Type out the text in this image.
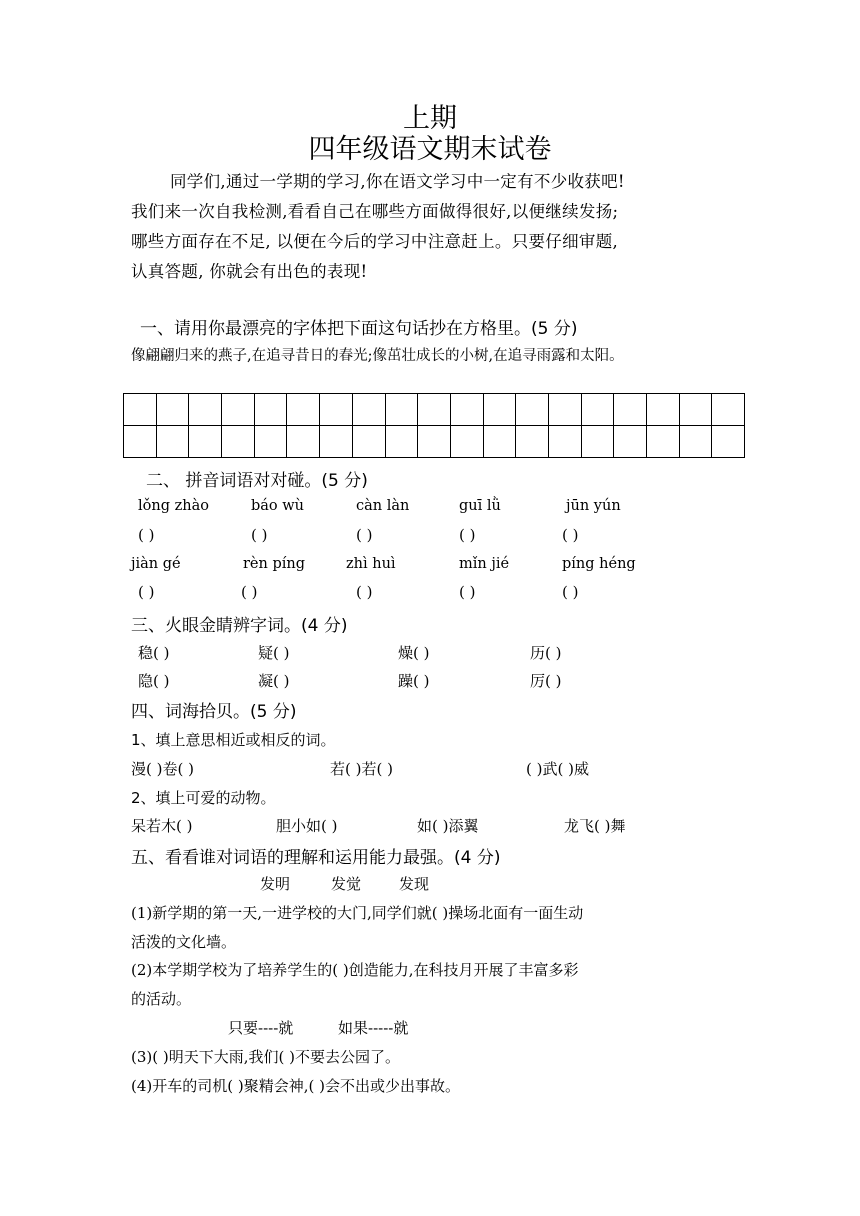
上期
四年级语文期末试卷
同学们,通过一学期的学习,你在语文学习中一定有不少收获吧!
我们来一次自我检测,看看自己在哪些方面做得很好,以便继续发扬;
哪些方面存在不足, 以便在今后的学习中注意赶上。只要仔细审题,
认真答题, 你就会有出色的表现!
一、请用你最漂亮的字体把下面这句话抄在方格里。(5 分)
像翩翩归来的燕子,在追寻昔日的春光;像茁壮成长的小树,在追寻雨露和太阳。

二、 拼音词语对对碰。(5 分)
lǒng zhào	báo wù	càn làn	guī lǜ	jūn yún
( )	( )	( )	( )	( )
jiàn gé	rèn píng	zhì huì	mǐn jié	píng héng
( )	( )	( )	( )	( )
三、火眼金睛辨字词。(4 分)
稳( )	疑( )	燥( )	历( )
隐( )	凝( )	躁( )	厉( )
四、词海拾贝。(5 分)
1、填上意思相近或相反的词。
漫( )卷( )	若( )若( )	( )武( )威
2、填上可爱的动物。
呆若木( )	胆小如( )	如( )添翼	龙飞( )舞
五、看看谁对词语的理解和运用能力最强。(4 分)
发明	发觉	发现
(1)新学期的第一天,一进学校的大门,同学们就( )操场北面有一面生动
活泼的文化墙。
(2)本学期学校为了培养学生的( )创造能力,在科技月开展了丰富多彩
的活动。
只要----就	如果-----就
(3)( )明天下大雨,我们( )不要去公园了。
(4)开车的司机( )聚精会神,( )会不出或少出事故。
